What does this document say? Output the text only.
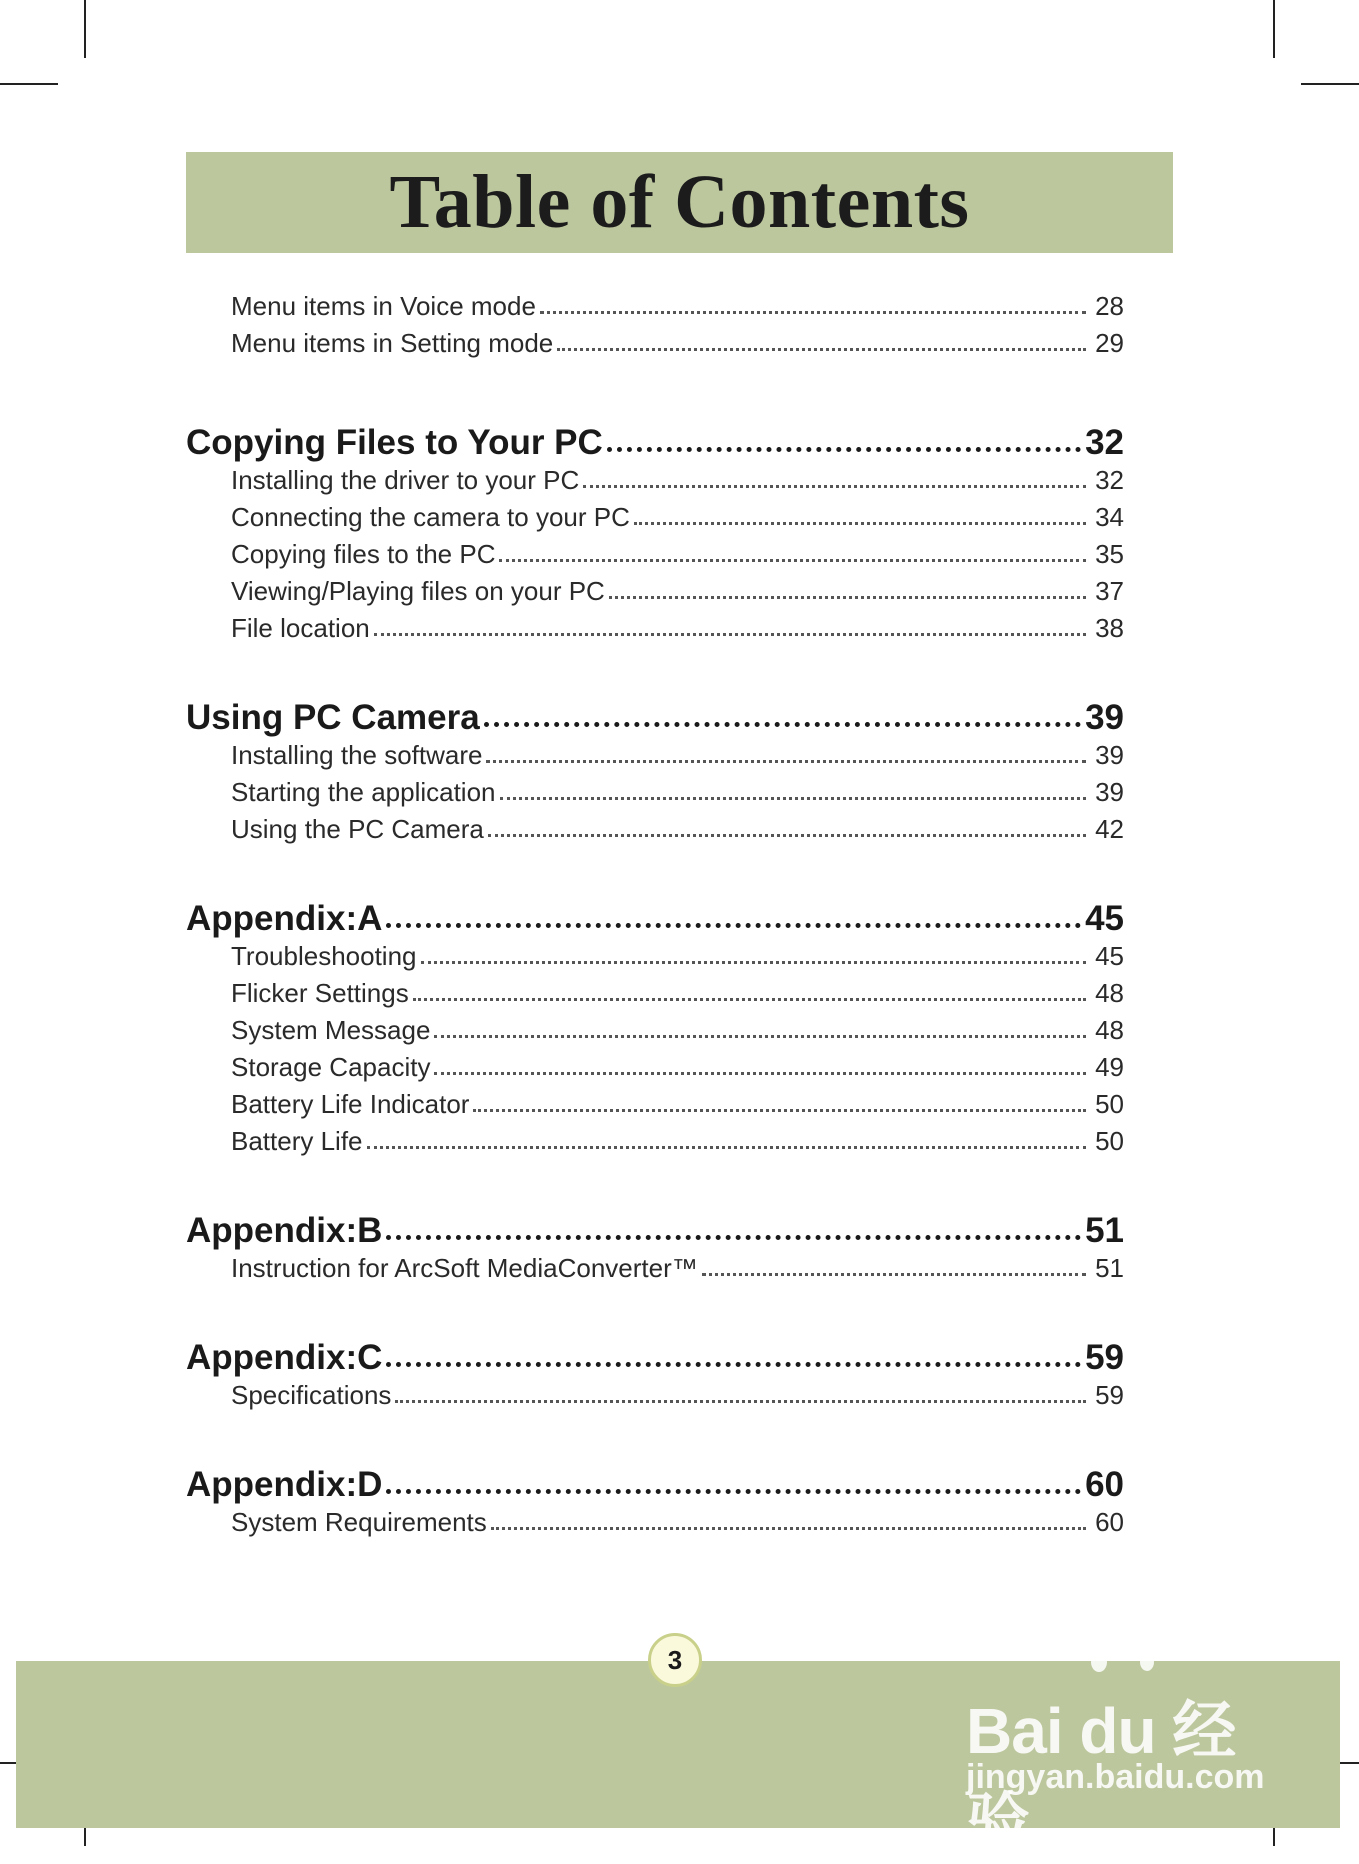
Table of Contents
Menu items in Voice mode	28
Menu items in Setting mode	29
Copying Files to Your PC	32
Installing the driver to your PC	32
Connecting the camera to your PC	34
Copying files to the PC	35
Viewing/Playing files on your PC	37
File location	38
Using PC Camera	39
Installing the software	39
Starting the application	39
Using the PC Camera	42
Appendix:A	45
Troubleshooting	45
Flicker Settings	48
System Message	48
Storage Capacity	49
Battery Life Indicator	50
Battery Life	50
Appendix:B	51
Instruction for ArcSoft MediaConverter™	51
Appendix:C	59
Specifications	59
Appendix:D	60
System Requirements	60
3
Bai du 经验
jingyan.baidu.com
